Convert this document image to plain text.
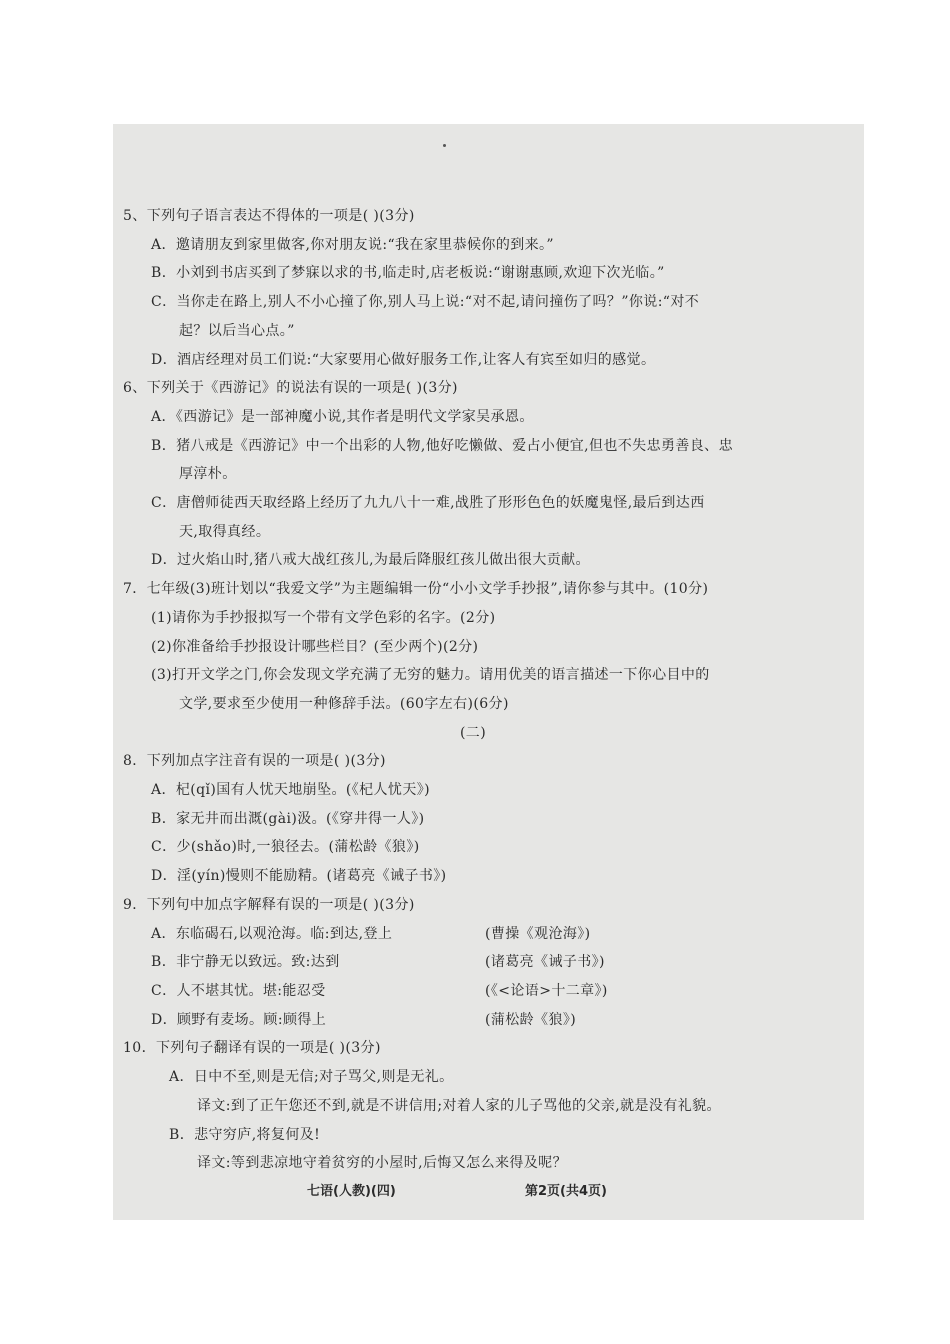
5、下列句子语言表达不得体的一项是( )(3分)
A．邀请朋友到家里做客,你对朋友说:“我在家里恭候你的到来。”
B．小刘到书店买到了梦寐以求的书,临走时,店老板说:“谢谢惠顾,欢迎下次光临。”
C．当你走在路上,别人不小心撞了你,别人马上说:“对不起,请问撞伤了吗？”你说:“对不
起？以后当心点。”
D．酒店经理对员工们说:“大家要用心做好服务工作,让客人有宾至如归的感觉。
6、下列关于《西游记》的说法有误的一项是( )(3分)
A．《西游记》是一部神魔小说,其作者是明代文学家吴承恩。
B．猪八戒是《西游记》中一个出彩的人物,他好吃懒做、爱占小便宜,但也不失忠勇善良、忠
厚淳朴。
C．唐僧师徒西天取经路上经历了九九八十一难,战胜了形形色色的妖魔鬼怪,最后到达西
天,取得真经。
D．过火焰山时,猪八戒大战红孩儿,为最后降服红孩儿做出很大贡献。
7．七年级(3)班计划以“我爱文学”为主题编辑一份“小小文学手抄报”,请你参与其中。(10分)
(1)请你为手抄报拟写一个带有文学色彩的名字。(2分)
(2)你准备给手抄报设计哪些栏目？(至少两个)(2分)
(3)打开文学之门,你会发现文学充满了无穷的魅力。请用优美的语言描述一下你心目中的
文学,要求至少使用一种修辞手法。(60字左右)(6分)
(二)
8．下列加点字注音有误的一项是( )(3分)
A．杞(qǐ)国有人忧天地崩坠。(《杞人忧天》)
B．家无井而出溉(gài)汲。(《穿井得一人》)
C．少(shǎo)时,一狼径去。(蒲松龄《狼》)
D．淫(yín)慢则不能励精。(诸葛亮《诫子书》)
9．下列句中加点字解释有误的一项是( )(3分)
A．东临碣石,以观沧海。临:到达,登上	(曹操《观沧海》)
B．非宁静无以致远。致:达到	(诸葛亮《诫子书》)
C．人不堪其忧。堪:能忍受	(《<论语>十二章》)
D．顾野有麦场。顾:顾得上	(蒲松龄《狼》)
10．下列句子翻译有误的一项是( )(3分)
A．日中不至,则是无信;对子骂父,则是无礼。
译文:到了正午您还不到,就是不讲信用;对着人家的儿子骂他的父亲,就是没有礼貌。
B．悲守穷庐,将复何及!
译文:等到悲凉地守着贫穷的小屋时,后悔又怎么来得及呢？
七语(人教)(四)	第2页(共4页)
